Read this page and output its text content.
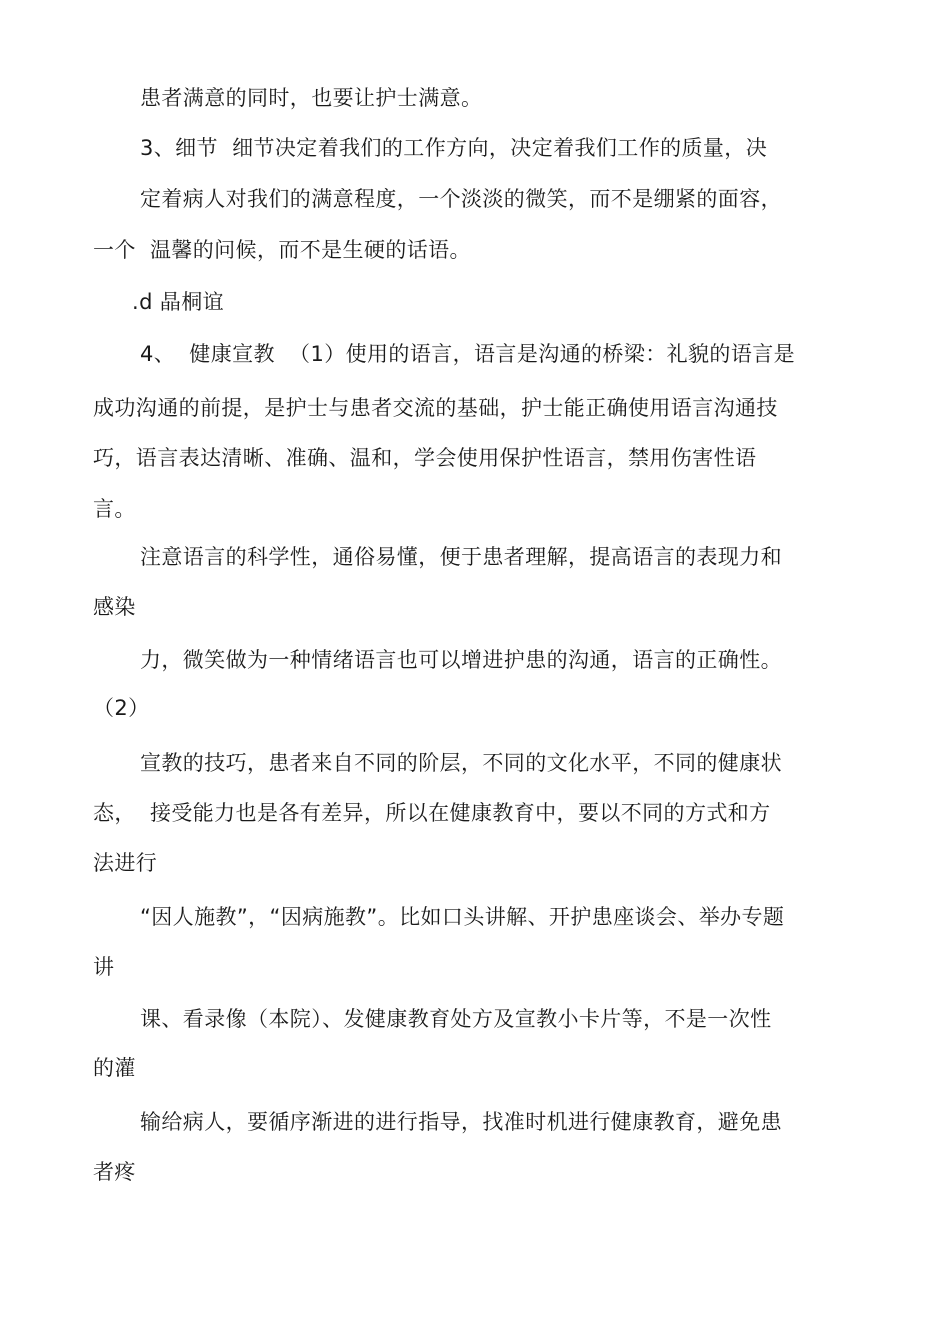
患者满意的同时，也要让护士满意。
3、细节  细节决定着我们的工作方向，决定着我们工作的质量，决
定着病人对我们的满意程度，一个淡淡的微笑，而不是绷紧的面容，
一个  温馨的问候，而不是生硬的话语。
.d 晶桐谊
4、  健康宣教  （1）使用的语言，语言是沟通的桥梁：礼貌的语言是
成功沟通的前提，是护士与患者交流的基础，护士能正确使用语言沟通技
巧，语言表达清晰、准确、温和，学会使用保护性语言，禁用伤害性语
言。
注意语言的科学性，通俗易懂，便于患者理解，提高语言的表现力和
感染
力，微笑做为一种情绪语言也可以增进护患的沟通，语言的正确性。
（2）
宣教的技巧，患者来自不同的阶层，不同的文化水平，不同的健康状
态，  接受能力也是各有差异，所以在健康教育中，要以不同的方式和方
法进行
“因人施教”，“因病施教”。比如口头讲解、开护患座谈会、举办专题
讲
课、看录像（本院）、发健康教育处方及宣教小卡片等，不是一次性
的灌
输给病人，要循序渐进的进行指导，找准时机进行健康教育，避免患
者疼
